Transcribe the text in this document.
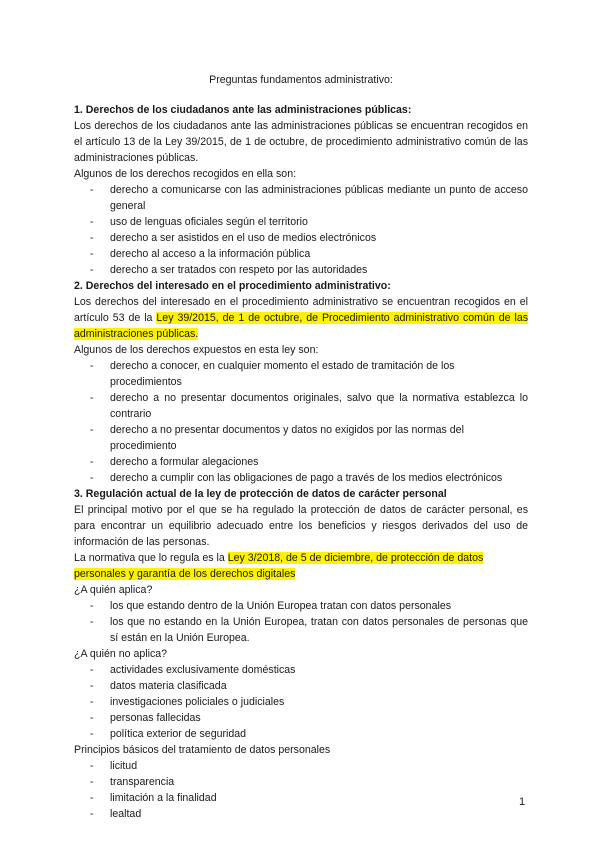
Preguntas fundamentos administrativo:
1. Derechos de los ciudadanos ante las administraciones públicas:
Los derechos de los ciudadanos ante las administraciones públicas se encuentran recogidos en el artículo 13 de la Ley 39/2015, de 1 de octubre, de procedimiento administrativo común de las administraciones públicas.
Algunos de los derechos recogidos en ella son:
- derecho a comunicarse con las administraciones públicas mediante un punto de acceso general
- uso de lenguas oficiales según el territorio
- derecho a ser asistidos en el uso de medios electrónicos
- derecho al acceso a la información pública
- derecho a ser tratados con respeto por las autoridades
2. Derechos del interesado en el procedimiento administrativo:
Los derechos del interesado en el procedimiento administrativo se encuentran recogidos en el artículo 53 de la Ley 39/2015, de 1 de octubre, de Procedimiento administrativo común de las administraciones públicas.
Algunos de los derechos expuestos en esta ley son:
- derecho a conocer, en cualquier momento el estado de tramitación de los procedimientos
- derecho a no presentar documentos originales, salvo que la normativa establezca lo contrario
- derecho a no presentar documentos y datos no exigidos por las normas del procedimiento
- derecho a formular alegaciones
- derecho a cumplir con las obligaciones de pago a través de los medios electrónicos
3. Regulación actual de la ley de protección de datos de carácter personal
El principal motivo por el que se ha regulado la protección de datos de carácter personal, es para encontrar un equilibrio adecuado entre los beneficios y riesgos derivados del uso de información de las personas.
La normativa que lo regula es la Ley 3/2018, de 5 de diciembre, de protección de datos personales y garantía de los derechos digitales
¿A quién aplica?
- los que estando dentro de la Unión Europea tratan con datos personales
- los que no estando en la Unión Europea, tratan con datos personales de personas que sí están en la Unión Europea.
¿A quién no aplica?
- actividades exclusivamente domésticas
- datos materia clasificada
- investigaciones policiales o judiciales
- personas fallecidas
- política exterior de seguridad
Principios básicos del tratamiento de datos personales
- licitud
- transparencia
- limitación a la finalidad
- lealtad
1
